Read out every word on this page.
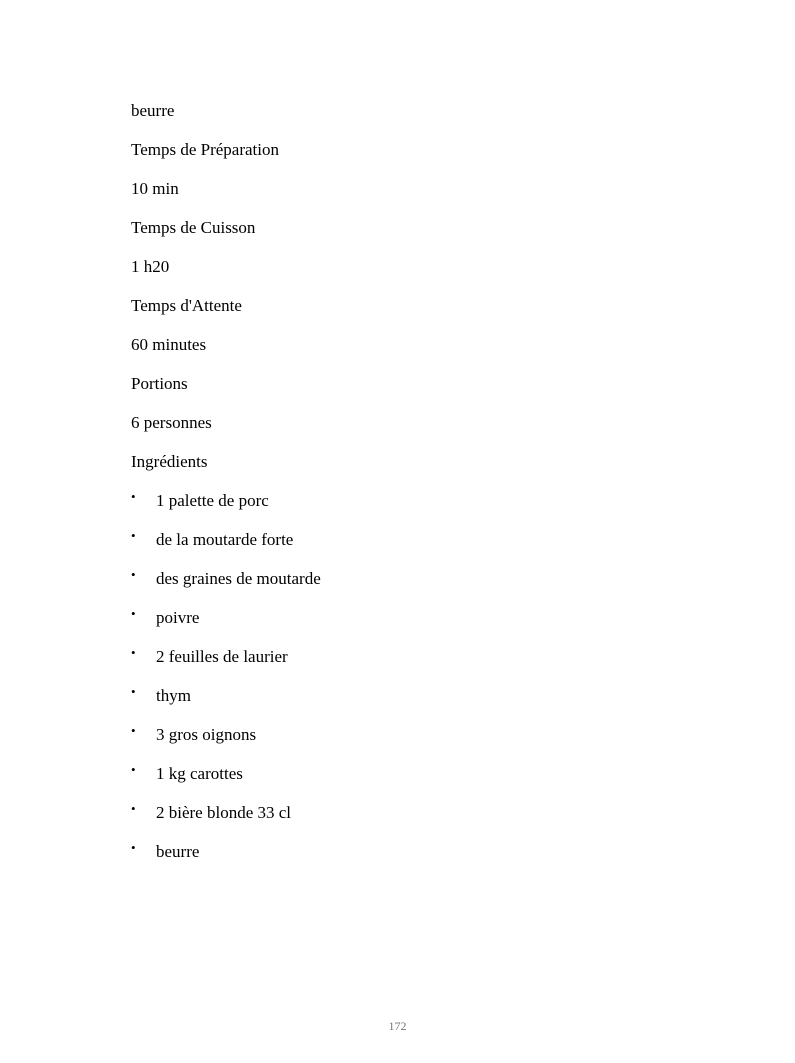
beurre
Temps de Préparation
10 min
Temps de Cuisson
1 h20
Temps d'Attente
60 minutes
Portions
6 personnes
Ingrédients
• 1 palette de porc
• de la moutarde forte
• des graines de moutarde
• poivre
• 2 feuilles de laurier
• thym
• 3 gros oignons
• 1 kg carottes
• 2 bière blonde 33 cl
• beurre
172
